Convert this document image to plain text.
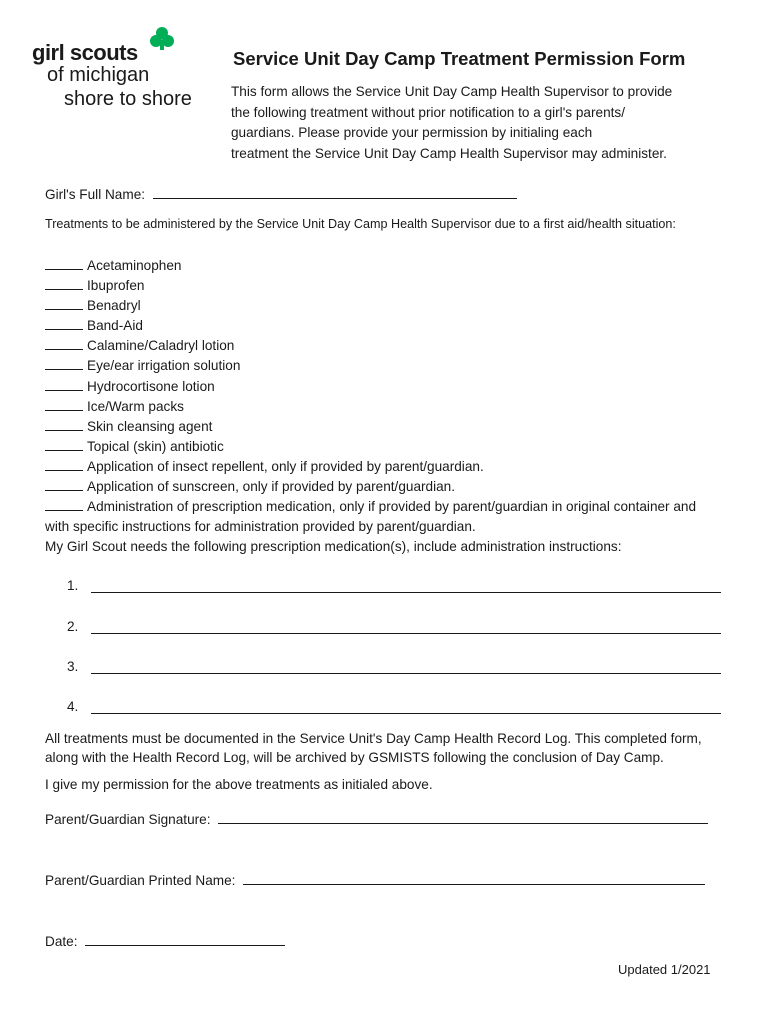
girl scouts
of michigan
shore to shore
Service Unit Day Camp Treatment Permission Form
This form allows the Service Unit Day Camp Health Supervisor to provide
the following treatment without prior notification to a girl's parents/
guardians. Please provide your permission by initialing each
treatment the Service Unit Day Camp Health Supervisor may administer.
Girl's Full Name:
Treatments to be administered by the Service Unit Day Camp Health Supervisor due to a first aid/health situation:
Acetaminophen
Ibuprofen
Benadryl
Band-Aid
Calamine/Caladryl lotion
Eye/ear irrigation solution
Hydrocortisone lotion
Ice/Warm packs
Skin cleansing agent
Topical (skin) antibiotic
Application of insect repellent, only if provided by parent/guardian.
Application of sunscreen, only if provided by parent/guardian.
Administration of prescription medication, only if provided by parent/guardian in original container and
with specific instructions for administration provided by parent/guardian.
My Girl Scout needs the following prescription medication(s), include administration instructions:
1.
2.
3.
4.
All treatments must be documented in the Service Unit's Day Camp Health Record Log. This completed form,
along with the Health Record Log, will be archived by GSMISTS following the conclusion of Day Camp.
I give my permission for the above treatments as initialed above.
Parent/Guardian Signature:
Parent/Guardian Printed Name:
Date:
Updated 1/2021
